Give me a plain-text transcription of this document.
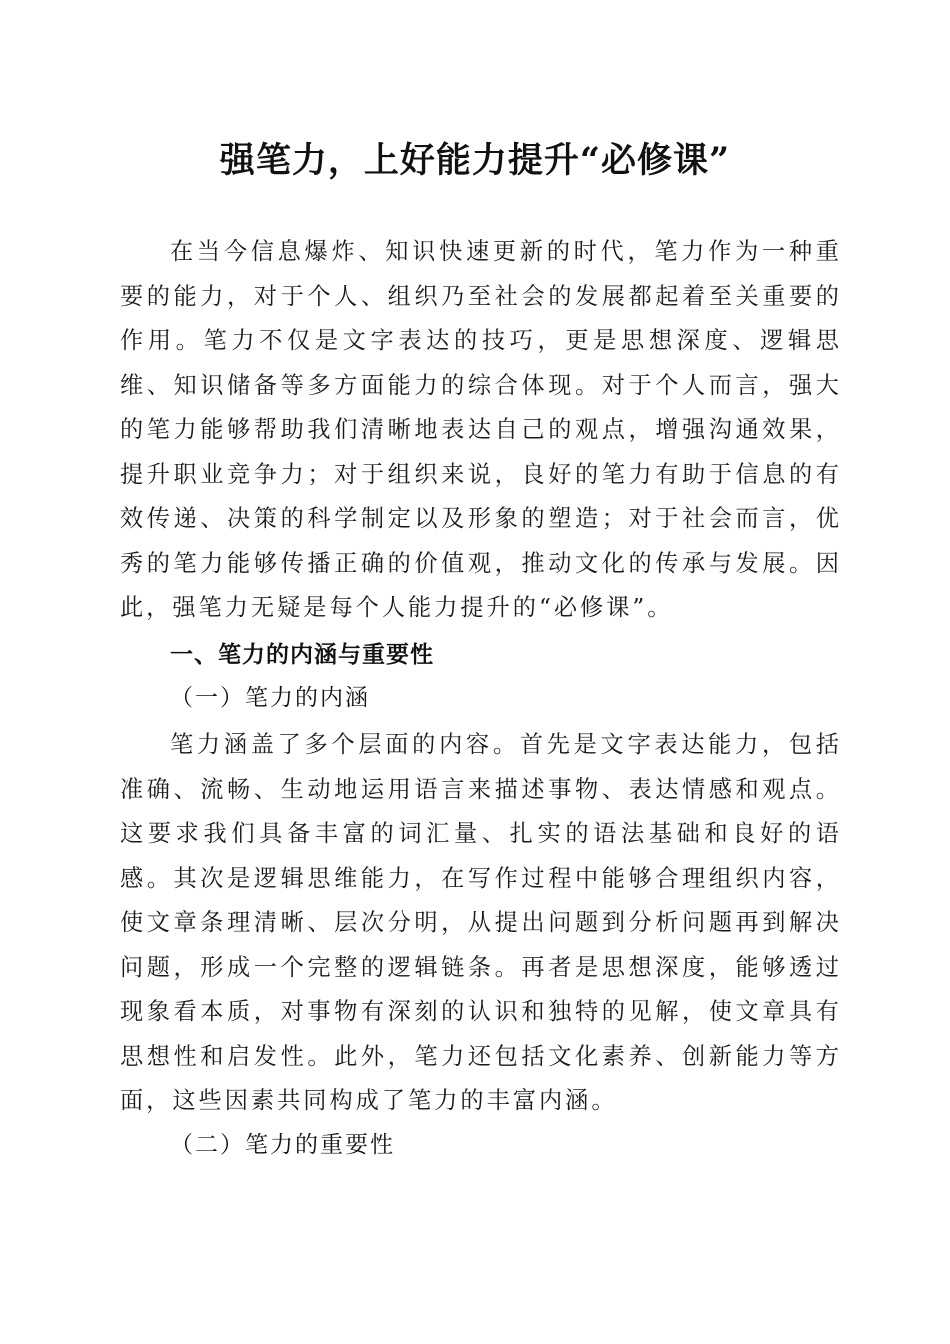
强笔力，上好能力提升“必修课”

在当今信息爆炸、知识快速更新的时代，笔力作为一种重要的能力，对于个人、组织乃至社会的发展都起着至关重要的作用。笔力不仅是文字表达的技巧，更是思想深度、逻辑思维、知识储备等多方面能力的综合体现。对于个人而言，强大的笔力能够帮助我们清晰地表达自己的观点，增强沟通效果，提升职业竞争力；对于组织来说，良好的笔力有助于信息的有效传递、决策的科学制定以及形象的塑造；对于社会而言，优秀的笔力能够传播正确的价值观，推动文化的传承与发展。因此，强笔力无疑是每个人能力提升的“必修课”。

一、笔力的内涵与重要性
（一）笔力的内涵

笔力涵盖了多个层面的内容。首先是文字表达能力，包括准确、流畅、生动地运用语言来描述事物、表达情感和观点。这要求我们具备丰富的词汇量、扎实的语法基础和良好的语感。其次是逻辑思维能力，在写作过程中能够合理组织内容，使文章条理清晰、层次分明，从提出问题到分析问题再到解决问题，形成一个完整的逻辑链条。再者是思想深度，能够透过现象看本质，对事物有深刻的认识和独特的见解，使文章具有思想性和启发性。此外，笔力还包括文化素养、创新能力等方面，这些因素共同构成了笔力的丰富内涵。

（二）笔力的重要性
